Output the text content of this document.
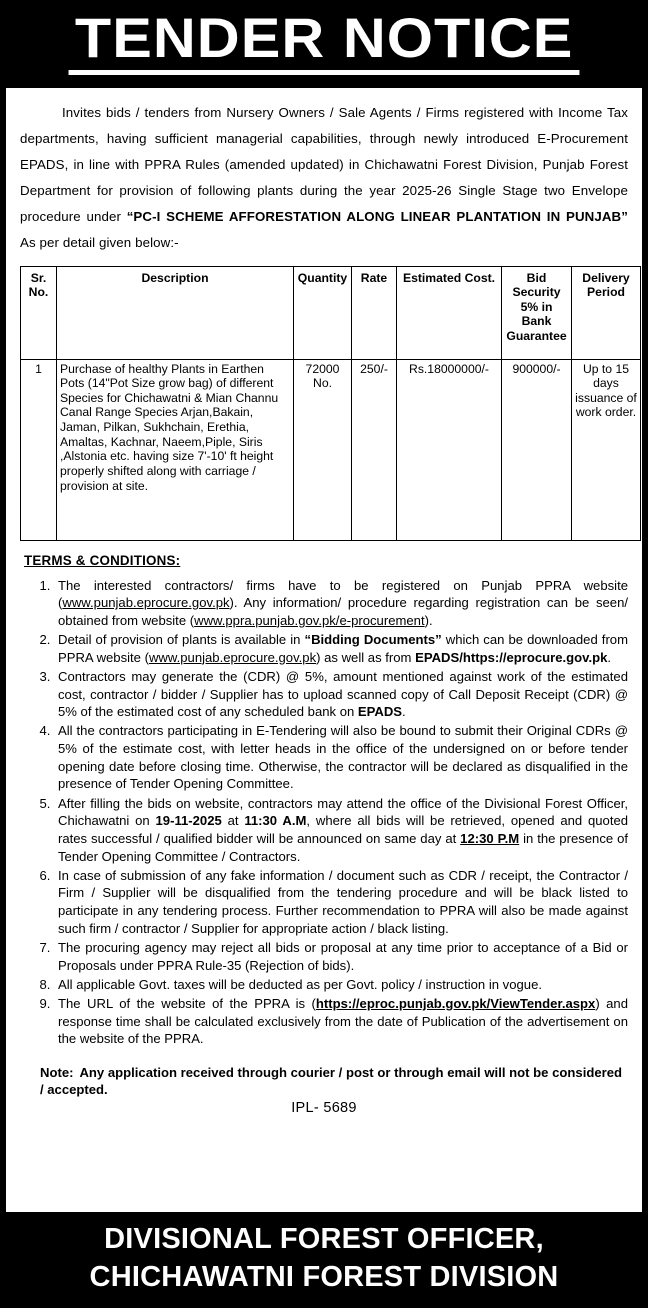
TENDER NOTICE

Invites bids / tenders from Nursery Owners / Sale Agents / Firms registered with Income Tax departments, having sufficient managerial capabilities, through newly introduced E-Procurement EPADS, in line with PPRA Rules (amended updated) in Chichawatni Forest Division, Punjab Forest Department for provision of following plants during the year 2025-26 Single Stage two Envelope procedure under “PC-I SCHEME AFFORESTATION ALONG LINEAR PLANTATION IN PUNJAB” As per detail given below:-

Sr. No.	Description	Quantity	Rate	Estimated Cost.	Bid Security 5% in Bank Guarantee	Delivery Period
1	Purchase of healthy Plants in Earthen Pots (14"Pot Size grow bag) of different Species for Chichawatni & Mian Channu Canal Range Species Arjan,Bakain, Jaman, Pilkan, Sukhchain, Erethia, Amaltas, Kachnar, Naeem,Piple, Siris ,Alstonia etc. having size 7'-10' ft height properly shifted along with carriage / provision at site.	72000 No.	250/-	Rs.18000000/-	900000/-	Up to 15 days issuance of work order.
TERMS & CONDITIONS:
1. The interested contractors/ firms have to be registered on Punjab PPRA website (www.punjab.eprocure.gov.pk). Any information/ procedure regarding registration can be seen/ obtained from website (www.ppra.punjab.gov.pk/e-procurement).
2. Detail of provision of plants is available in “Bidding Documents” which can be downloaded from PPRA website (www.punjab.eprocure.gov.pk) as well as from EPADS/https://eprocure.gov.pk.
3. Contractors may generate the (CDR) @ 5%, amount mentioned against work of the estimated cost, contractor / bidder / Supplier has to upload scanned copy of Call Deposit Receipt (CDR) @ 5% of the estimated cost of any scheduled bank on EPADS.
4. All the contractors participating in E-Tendering will also be bound to submit their Original CDRs @ 5% of the estimate cost, with letter heads in the office of the undersigned on or before tender opening date before closing time. Otherwise, the contractor will be declared as disqualified in the presence of Tender Opening Committee.
5. After filling the bids on website, contractors may attend the office of the Divisional Forest Officer, Chichawatni on 19-11-2025 at 11:30 A.M, where all bids will be retrieved, opened and quoted rates successful / qualified bidder will be announced on same day at 12:30 P.M in the presence of Tender Opening Committee / Contractors.
6. In case of submission of any fake information / document such as CDR / receipt, the Contractor / Firm / Supplier will be disqualified from the tendering procedure and will be black listed to participate in any tendering process. Further recommendation to PPRA will also be made against such firm / contractor / Supplier for appropriate action / black listing.
7. The procuring agency may reject all bids or proposal at any time prior to acceptance of a Bid or Proposals under PPRA Rule-35 (Rejection of bids).
8. All applicable Govt. taxes will be deducted as per Govt. policy / instruction in vogue.
9. The URL of the website of the PPRA is (https://eproc.punjab.gov.pk/ViewTender.aspx) and response time shall be calculated exclusively from the date of Publication of the advertisement on the website of the PPRA.
Note: Any application received through courier / post or through email will not be considered / accepted.
IPL- 5689
DIVISIONAL FOREST OFFICER,
CHICHAWATNI FOREST DIVISION
